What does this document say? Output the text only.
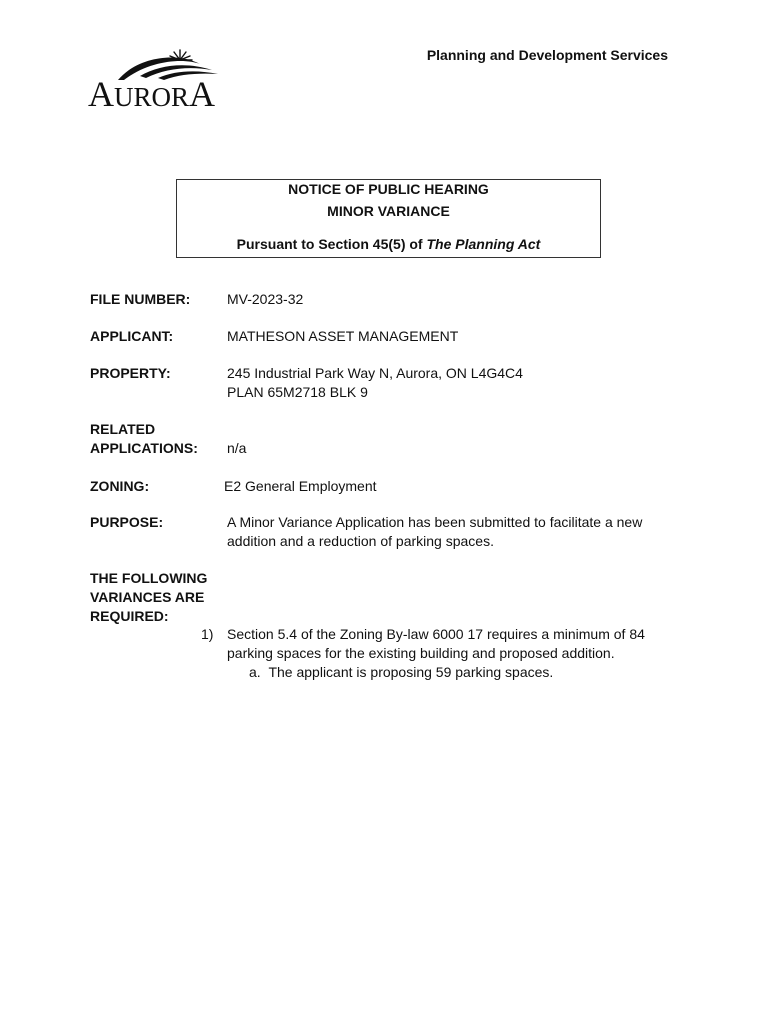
AURORA
Planning and Development Services
NOTICE OF PUBLIC HEARING
MINOR VARIANCE
Pursuant to Section 45(5) of The Planning Act
FILE NUMBER:	MV-2023-32
APPLICANT:	MATHESON ASSET MANAGEMENT
PROPERTY:	245 Industrial Park Way N, Aurora, ON L4G4C4
PLAN 65M2718 BLK 9
RELATED
APPLICATIONS:	n/a
ZONING:	E2 General Employment
PURPOSE:	A Minor Variance Application has been submitted to facilitate a new
addition and a reduction of parking spaces.
THE FOLLOWING
VARIANCES ARE
REQUIRED:
1) Section 5.4 of the Zoning By-law 6000 17 requires a minimum of 84
parking spaces for the existing building and proposed addition.
a. The applicant is proposing 59 parking spaces.
